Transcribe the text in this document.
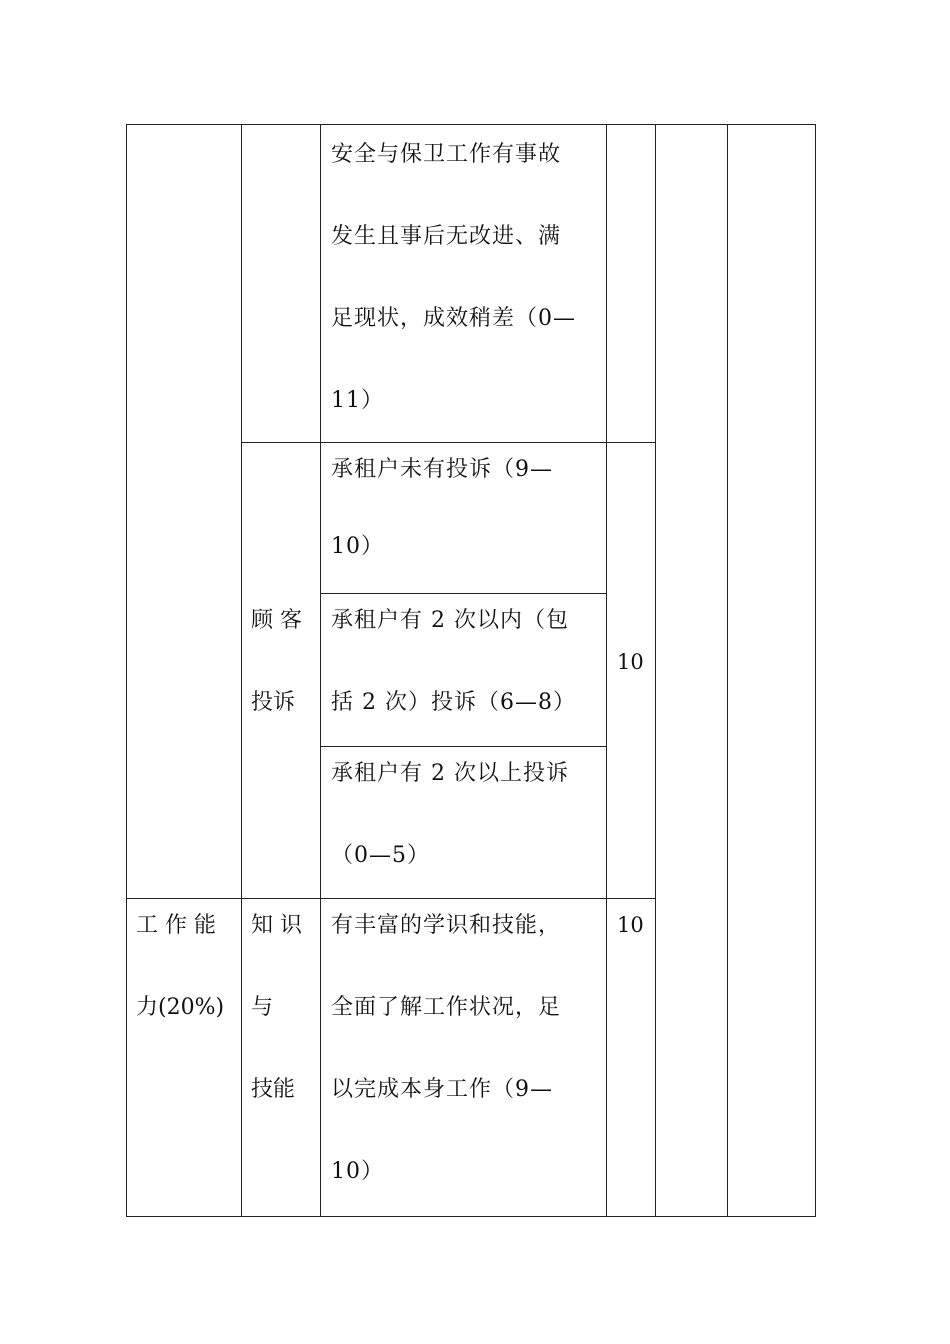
安全与保卫工作有事故
发生且事后无改进、满
足现状，成效稍差（0—
11）
顾 客
投诉
承租户未有投诉（9—
10）
承租户有 2 次以内（包
括 2 次）投诉（6—8）
承租户有 2 次以上投诉
（0—5）
10
工 作 能
力(20%)
知 识
与
技能
有丰富的学识和技能，
全面了解工作状况，足
以完成本身工作（9—
10）
10
